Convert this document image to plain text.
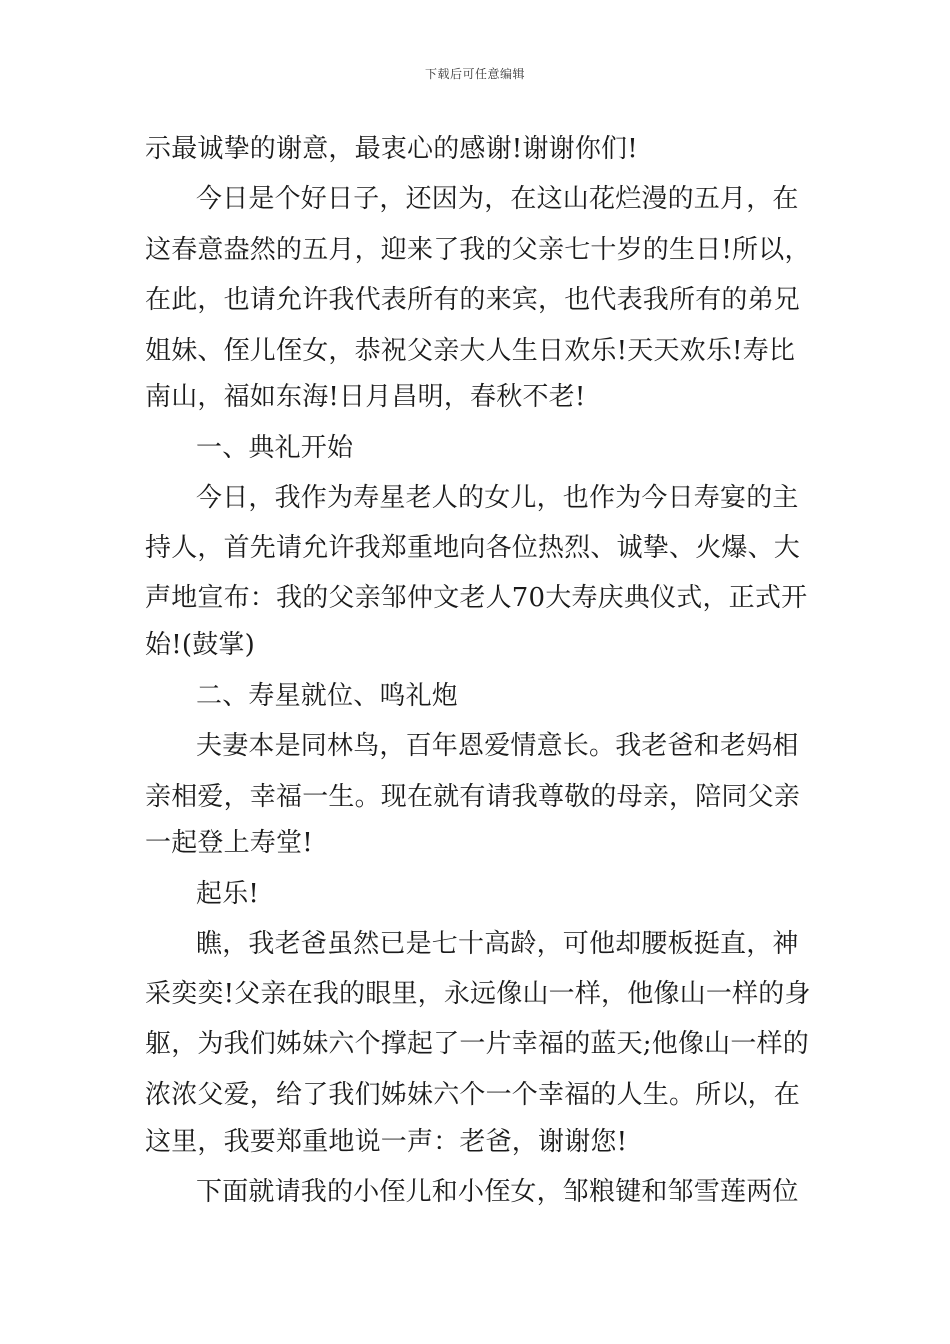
下载后可任意编辑
示最诚挚的谢意，最衷心的感谢!谢谢你们!
今日是个好日子，还因为，在这山花烂漫的五月，在
这春意盎然的五月，迎来了我的父亲七十岁的生日!所以，
在此，也请允许我代表所有的来宾，也代表我所有的弟兄
姐妹、侄儿侄女，恭祝父亲大人生日欢乐!天天欢乐!寿比
南山，福如东海!日月昌明，春秋不老!
一、典礼开始
今日，我作为寿星老人的女儿，也作为今日寿宴的主
持人，首先请允许我郑重地向各位热烈、诚挚、火爆、大
声地宣布：我的父亲邹仲文老人70大寿庆典仪式，正式开
始!(鼓掌)
二、寿星就位、鸣礼炮
夫妻本是同林鸟，百年恩爱情意长。我老爸和老妈相
亲相爱，幸福一生。现在就有请我尊敬的母亲，陪同父亲
一起登上寿堂!
起乐!
瞧，我老爸虽然已是七十高龄，可他却腰板挺直，神
采奕奕!父亲在我的眼里，永远像山一样，他像山一样的身
躯，为我们姊妹六个撑起了一片幸福的蓝天;他像山一样的
浓浓父爱，给了我们姊妹六个一个幸福的人生。所以，在
这里，我要郑重地说一声：老爸，谢谢您!
下面就请我的小侄儿和小侄女，邹粮键和邹雪莲两位
